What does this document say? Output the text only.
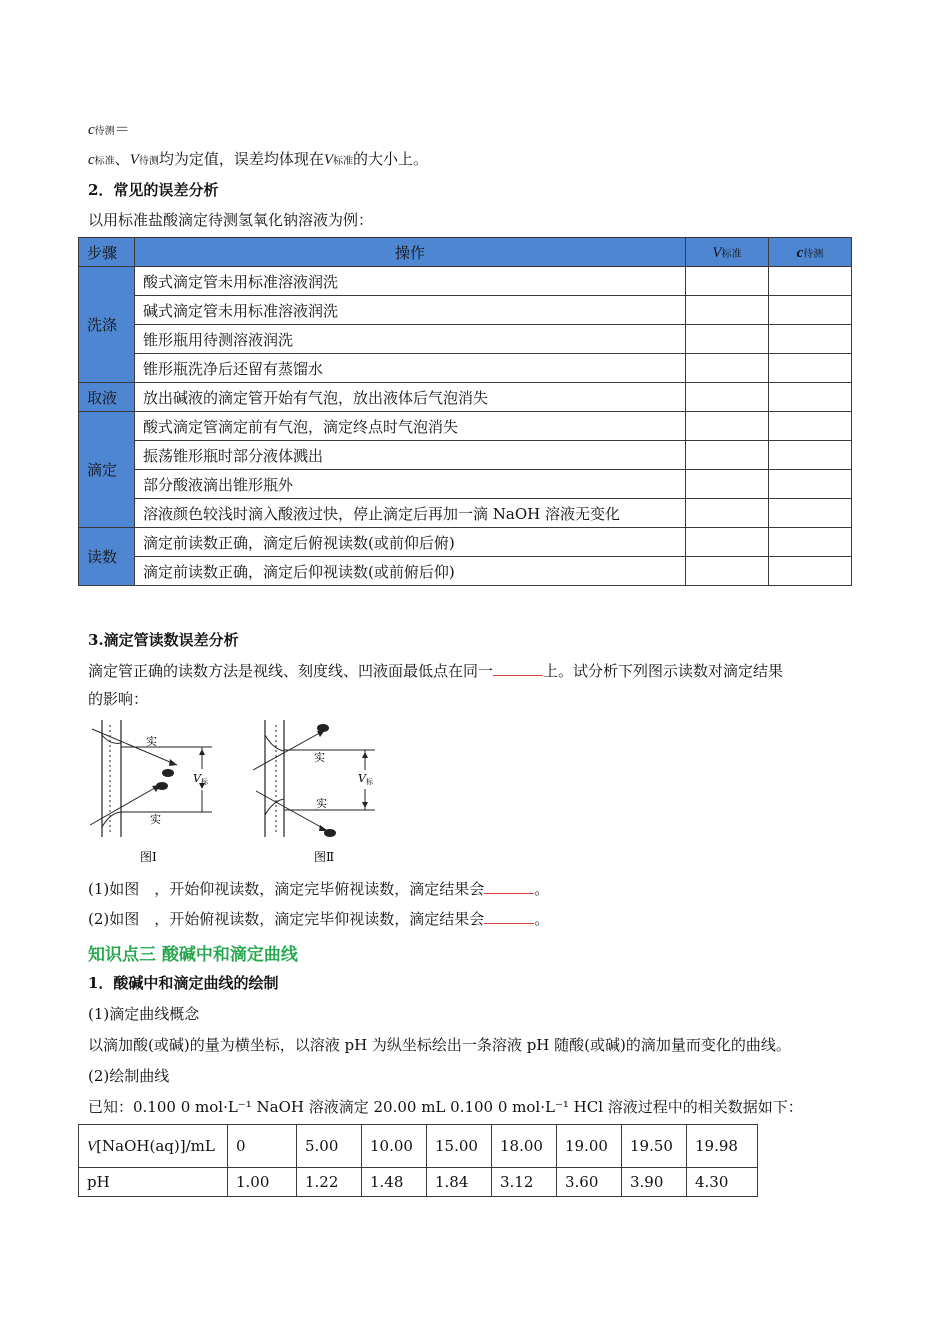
c待测＝
c标准、V待测均为定值，误差均体现在V标准的大小上。
2．常见的误差分析
以用标准盐酸滴定待测氢氧化钠溶液为例：
步骤	操作	V标准	c待测
洗涤	酸式滴定管未用标准溶液润洗		
	碱式滴定管未用标准溶液润洗		
	锥形瓶用待测溶液润洗		
	锥形瓶洗净后还留有蒸馏水		
取液	放出碱液的滴定管开始有气泡，放出液体后气泡消失		
滴定	酸式滴定管滴定前有气泡，滴定终点时气泡消失		
	振荡锥形瓶时部分液体溅出		
	部分酸液滴出锥形瓶外		
	溶液颜色较浅时滴入酸液过快，停止滴定后再加一滴 NaOH 溶液无变化		
读数	滴定前读数正确，滴定后俯视读数(或前仰后俯)		
	滴定前读数正确，滴定后仰视读数(或前俯后仰)		
3.滴定管读数误差分析
滴定管正确的读数方法是视线、刻度线、凹液面最低点在同一	上。试分析下列图示读数对滴定结果
的影响：
实
实
V 标
图Ⅰ
实
实
V 标
图Ⅱ
(1)如图　，开始仰视读数，滴定完毕俯视读数，滴定结果会	。
(2)如图　，开始俯视读数，滴定完毕仰视读数，滴定结果会	。
知识点三 酸碱中和滴定曲线
1．酸碱中和滴定曲线的绘制
(1)滴定曲线概念
以滴加酸(或碱)的量为横坐标，以溶液 pH 为纵坐标绘出一条溶液 pH 随酸(或碱)的滴加量而变化的曲线。
(2)绘制曲线
已知：0.100 0 mol·L⁻¹ NaOH 溶液滴定 20.00 mL 0.100 0 mol·L⁻¹ HCl 溶液过程中的相关数据如下：
V[NaOH(aq)]/mL	0	5.00	10.00	15.00	18.00	19.00	19.50	19.98
pH	1.00	1.22	1.48	1.84	3.12	3.60	3.90	4.30
